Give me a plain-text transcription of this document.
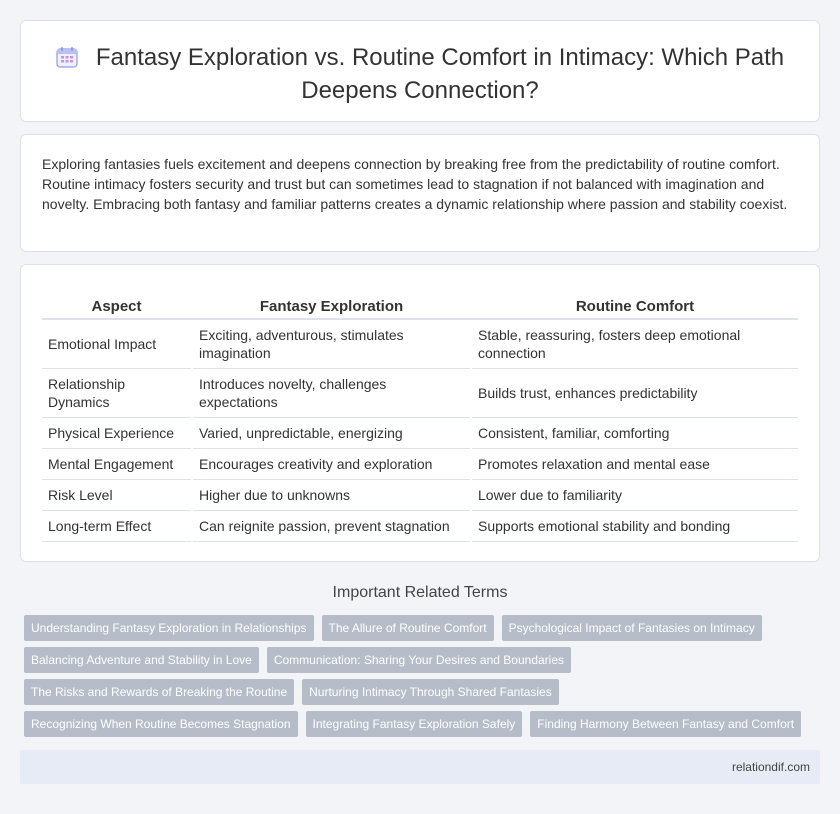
Fantasy Exploration vs. Routine Comfort in Intimacy: Which Path
Deepens Connection?

Exploring fantasies fuels excitement and deepens connection by breaking free from the predictability of routine comfort. Routine intimacy fosters security and trust but can sometimes lead to stagnation if not balanced with imagination and novelty. Embracing both fantasy and familiar patterns creates a dynamic relationship where passion and stability coexist.

Aspect	Fantasy Exploration	Routine Comfort
Emotional Impact	Exciting, adventurous, stimulates imagination	Stable, reassuring, fosters deep emotional connection
Relationship Dynamics	Introduces novelty, challenges expectations	Builds trust, enhances predictability
Physical Experience	Varied, unpredictable, energizing	Consistent, familiar, comforting
Mental Engagement	Encourages creativity and exploration	Promotes relaxation and mental ease
Risk Level	Higher due to unknowns	Lower due to familiarity
Long-term Effect	Can reignite passion, prevent stagnation	Supports emotional stability and bonding
Important Related Terms
Understanding Fantasy Exploration in Relationships	The Allure of Routine Comfort	Psychological Impact of Fantasies on Intimacy
Balancing Adventure and Stability in Love	Communication: Sharing Your Desires and Boundaries
The Risks and Rewards of Breaking the Routine	Nurturing Intimacy Through Shared Fantasies
Recognizing When Routine Becomes Stagnation	Integrating Fantasy Exploration Safely	Finding Harmony Between Fantasy and Comfort
relationdif.com
